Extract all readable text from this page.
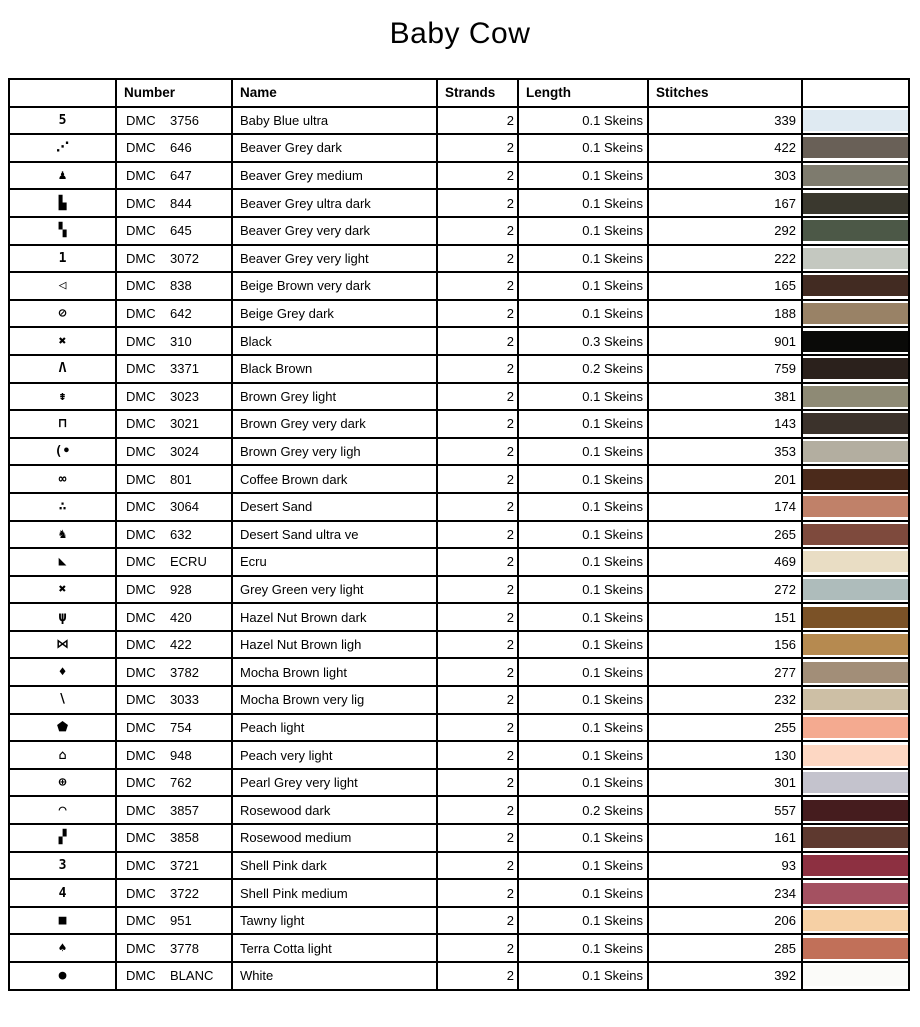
Baby Cow
	Number	Name	Strands	Length	Stitches	
5	DMC 3756	Baby Blue ultra	2	0.1 Skeins	339	

⋰	DMC 646	Beaver Grey dark	2	0.1 Skeins	422	

♟	DMC 647	Beaver Grey medium	2	0.1 Skeins	303	

▙	DMC 844	Beaver Grey ultra dark	2	0.1 Skeins	167	

▚	DMC 645	Beaver Grey very dark	2	0.1 Skeins	292	

1	DMC 3072	Beaver Grey very light	2	0.1 Skeins	222	

◁	DMC 838	Beige Brown very dark	2	0.1 Skeins	165	

⊘	DMC 642	Beige Grey dark	2	0.1 Skeins	188	

✖	DMC 310	Black	2	0.3 Skeins	901	

Λ	DMC 3371	Black Brown	2	0.2 Skeins	759	

⇟	DMC 3023	Brown Grey light	2	0.1 Skeins	381	

⊓	DMC 3021	Brown Grey very dark	2	0.1 Skeins	143	

(•	DMC 3024	Brown Grey very ligh	2	0.1 Skeins	353	

∞	DMC 801	Coffee Brown dark	2	0.1 Skeins	201	

∴	DMC 3064	Desert Sand	2	0.1 Skeins	174	

♞	DMC 632	Desert Sand ultra ve	2	0.1 Skeins	265	

◣	DMC ECRU	Ecru	2	0.1 Skeins	469	

✖	DMC 928	Grey Green very light	2	0.1 Skeins	272	

ψ	DMC 420	Hazel Nut Brown dark	2	0.1 Skeins	151	

⋈	DMC 422	Hazel Nut Brown ligh	2	0.1 Skeins	156	

♦	DMC 3782	Mocha Brown light	2	0.1 Skeins	277	

∖	DMC 3033	Mocha Brown very lig	2	0.1 Skeins	232	

⬟	DMC 754	Peach light	2	0.1 Skeins	255	

⌂	DMC 948	Peach very light	2	0.1 Skeins	130	

⊕	DMC 762	Pearl Grey very light	2	0.1 Skeins	301	

◠	DMC 3857	Rosewood dark	2	0.2 Skeins	557	

▞	DMC 3858	Rosewood medium	2	0.1 Skeins	161	

3	DMC 3721	Shell Pink dark	2	0.1 Skeins	93	

4	DMC 3722	Shell Pink medium	2	0.1 Skeins	234	

■	DMC 951	Tawny light	2	0.1 Skeins	206	

♠	DMC 3778	Terra Cotta light	2	0.1 Skeins	285	

●	DMC BLANC	White	2	0.1 Skeins	392	
